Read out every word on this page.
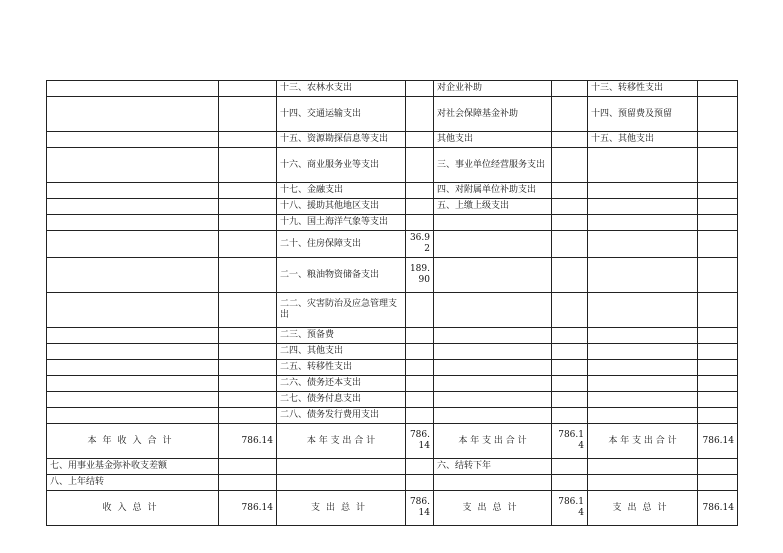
		十三、农林水支出		对企业补助		十三、转移性支出	
		十四、交通运输支出		对社会保障基金补助		十四、预留费及预留	
		十五、资源勘探信息等支出		其他支出		十五、其他支出	
		十六、商业服务业等支出		三、事业单位经营服务支出			
		十七、金融支出		四、对附属单位补助支出			
		十八、援助其他地区支出		五、上缴上级支出			
		十九、国土海洋气象等支出					
		二十、住房保障支出	36.92				
		二一、粮油物资储备支出	189.90				
		二二、灾害防治及应急管理支出					
		二三、预备费					
		二四、其他支出					
		二五、转移性支出					
		二六、债务还本支出					
		二七、债务付息支出					
		二八、债务发行费用支出					
本年收入合计	786.14	本 年 支 出 合 计	786.14	本 年 支 出 合 计	786.14	本 年 支 出 合 计	786.14
七、用事业基金弥补收支差额				六、结转下年			
八、上年结转							
收入总计	786.14	支出总计	786.14	支出总计	786.14	支出总计	786.14
